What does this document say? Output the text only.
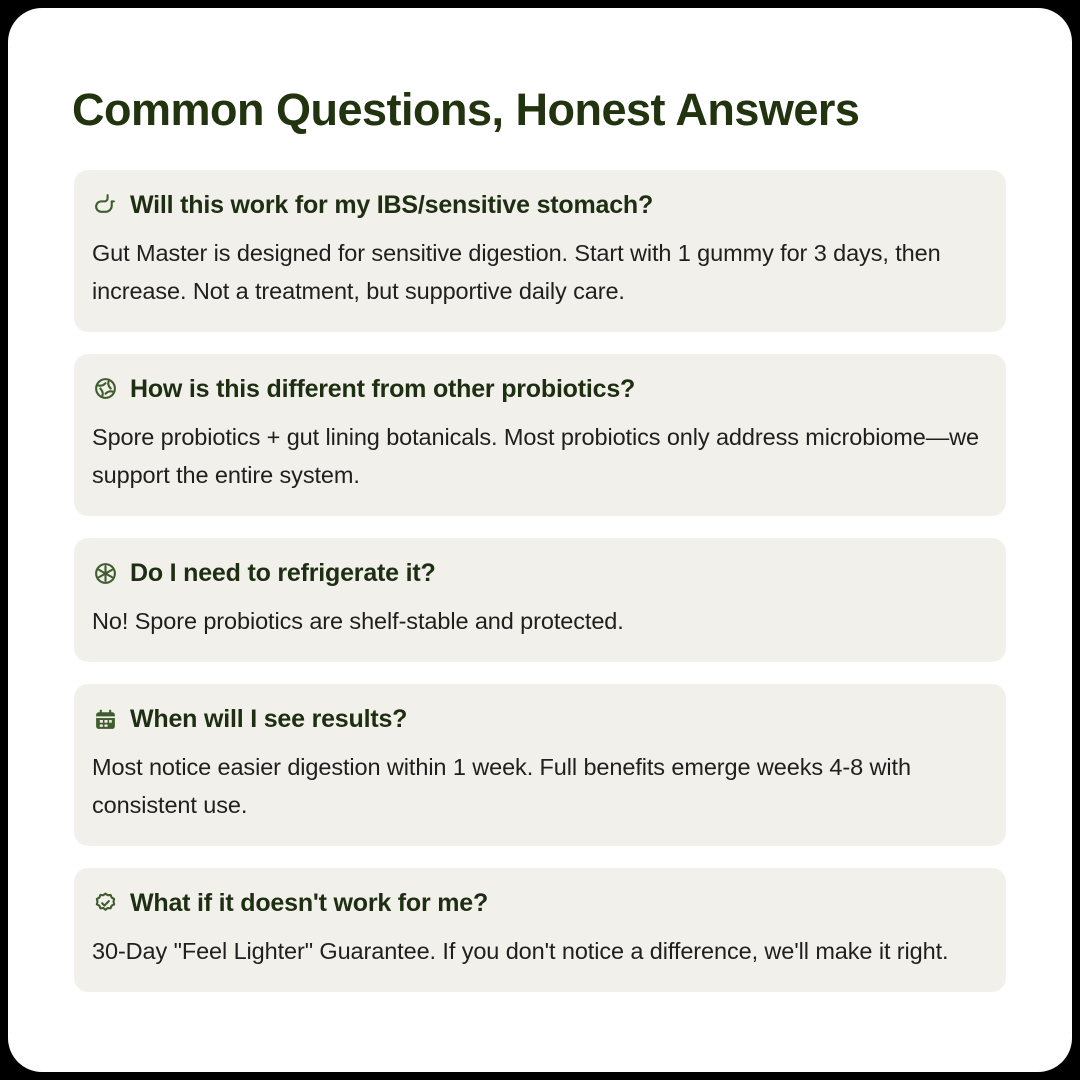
Common Questions, Honest Answers
Will this work for my IBS/sensitive stomach?

Gut Master is designed for sensitive digestion. Start with 1 gummy for 3 days, then increase. Not a treatment, but supportive daily care.

How is this different from other probiotics?

Spore probiotics + gut lining botanicals. Most probiotics only address microbiome—we support the entire system.

Do I need to refrigerate it?

No! Spore probiotics are shelf-stable and protected.

When will I see results?

Most notice easier digestion within 1 week. Full benefits emerge weeks 4-8 with consistent use.

What if it doesn't work for me?

30-Day "Feel Lighter" Guarantee. If you don't notice a difference, we'll make it right.
